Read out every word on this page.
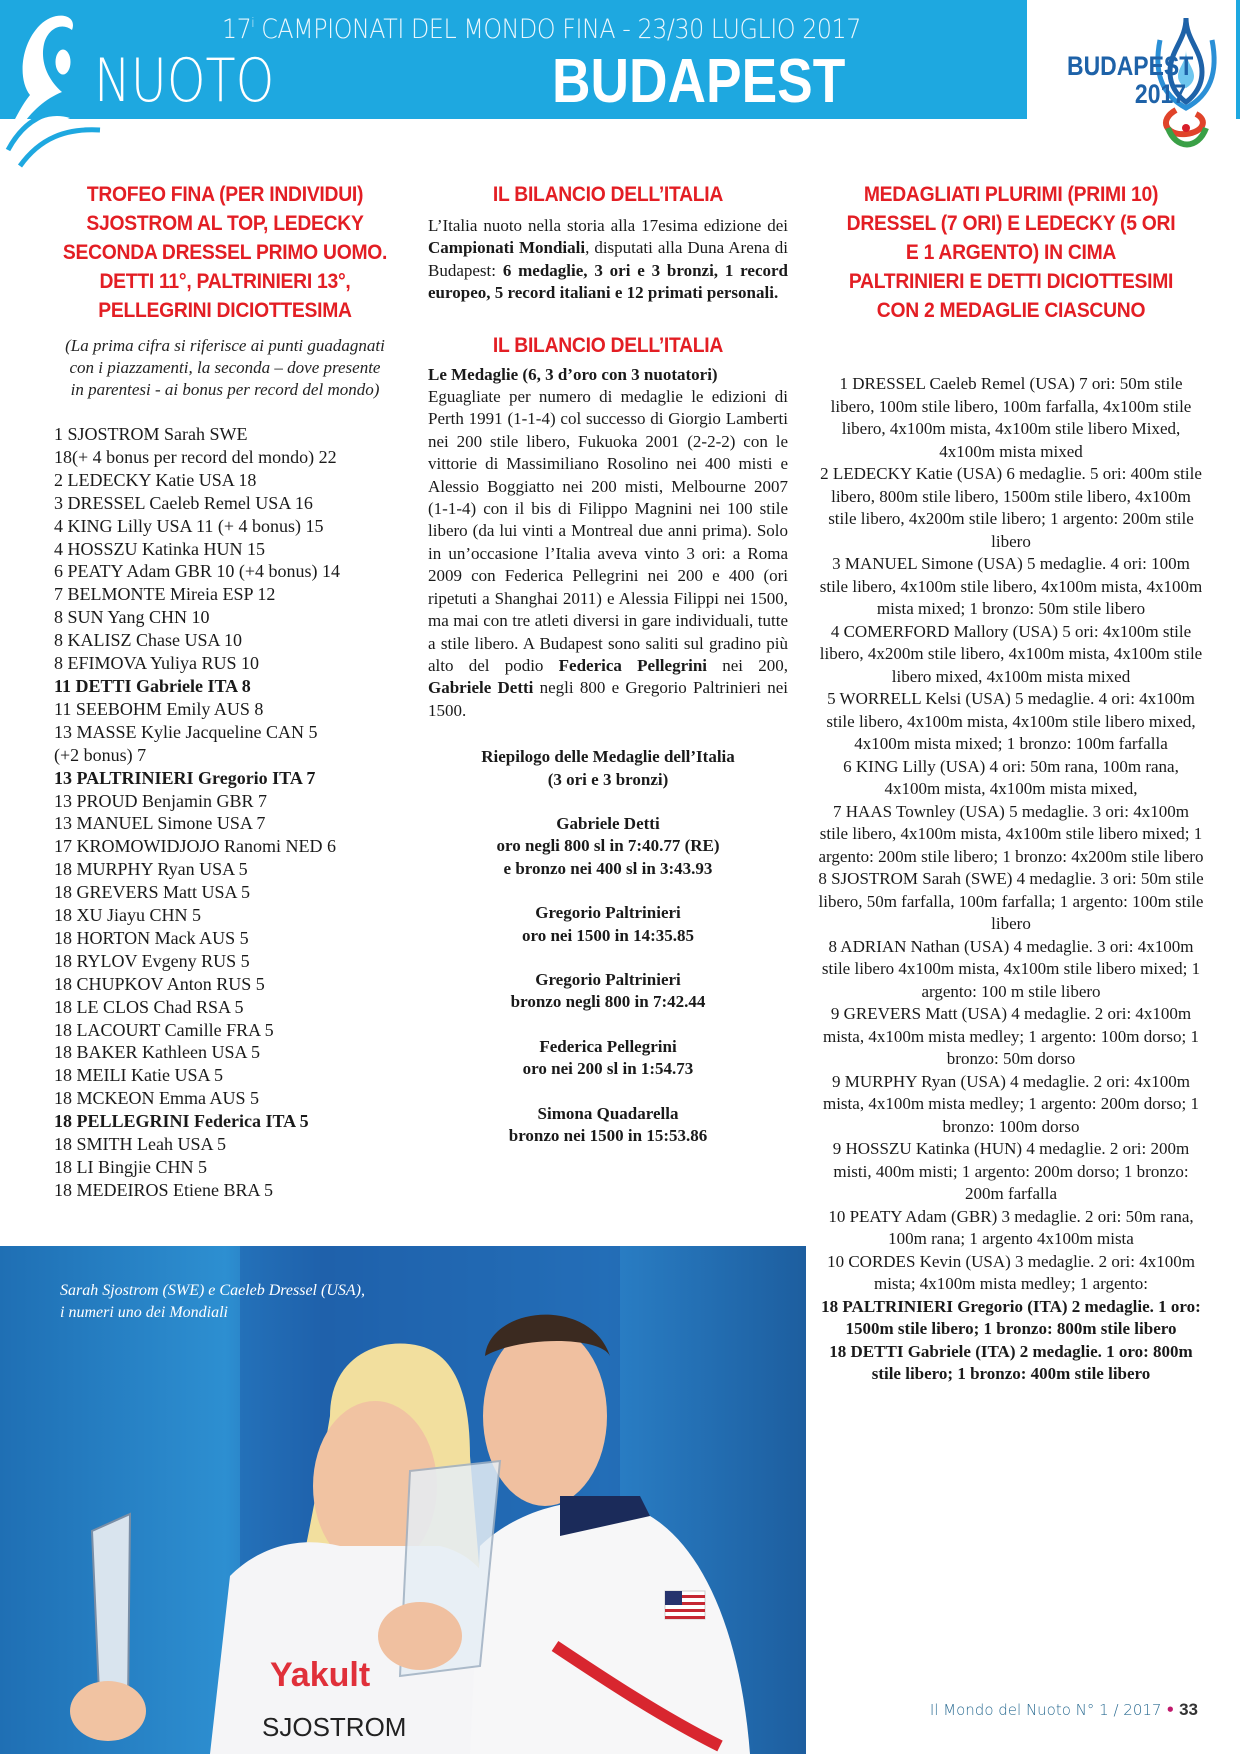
17$^i$ CAMPIONATI DEL MONDO FINA - 23/30 LUGLIO 2017
NUOTO	BUDAPEST	BUDAPEST
2017
TROFEO FINA (PER INDIVIDUI)
SJOSTROM AL TOP, LEDECKY
SECONDA DRESSEL PRIMO UOMO.
DETTI 11°, PALTRINIERI 13°,
PELLEGRINI DICIOTTESIMA
(La prima cifra si riferisce ai punti guadagnati
con i piazzamenti, la seconda – dove presente
in parentesi - ai bonus per record del mondo)
1 SJOSTROM Sarah SWE
18(+ 4 bonus per record del mondo) 22
2 LEDECKY Katie USA 18
3 DRESSEL Caeleb Remel USA 16
4 KING Lilly USA 11 (+ 4 bonus) 15
4 HOSSZU Katinka HUN 15
6 PEATY Adam GBR 10 (+4 bonus) 14
7 BELMONTE Mireia ESP 12
8 SUN Yang CHN 10
8 KALISZ Chase USA 10
8 EFIMOVA Yuliya RUS 10
11 DETTI Gabriele ITA 8
11 SEEBOHM Emily AUS 8
13 MASSE Kylie Jacqueline CAN 5
(+2 bonus) 7
13 PALTRINIERI Gregorio ITA 7
13 PROUD Benjamin GBR 7
13 MANUEL Simone USA 7
17 KROMOWIDJOJO Ranomi NED 6
18 MURPHY Ryan USA 5
18 GREVERS Matt USA 5
18 XU Jiayu CHN 5
18 HORTON Mack AUS 5
18 RYLOV Evgeny RUS 5
18 CHUPKOV Anton RUS 5
18 LE CLOS Chad RSA 5
18 LACOURT Camille FRA 5
18 BAKER Kathleen USA 5
18 MEILI Katie USA 5
18 MCKEON Emma AUS 5
18 PELLEGRINI Federica ITA 5
18 SMITH Leah USA 5
18 LI Bingjie CHN 5
18 MEDEIROS Etiene BRA 5
IL BILANCIO DELL’ITALIA

L’Italia nuoto nella storia alla 17esima edizione dei Campionati Mondiali, disputati alla Duna Arena di Budapest: 6 medaglie, 3 ori e 3 bronzi, 1 record europeo, 5 record italiani e 12 primati personali.

IL BILANCIO DELL’ITALIA

Le Medaglie (6, 3 d’oro con 3 nuotatori)
Eguagliate per numero di medaglie le edizioni di Perth 1991 (1-1-4) col successo di Giorgio Lamberti nei 200 stile libero, Fukuoka 2001 (2-2-2) con le vittorie di Massimiliano Rosolino nei 400 misti e Alessio Boggiatto nei 200 misti, Melbourne 2007 (1-1-4) con il bis di Filippo Magnini nei 100 stile libero (da lui vinti a Montreal due anni prima). Solo in un’occasione l’Italia aveva vinto 3 ori: a Roma 2009 con Federica Pellegrini nei 200 e 400 (ori ripetuti a Shanghai 2011) e Alessia Filippi nei 1500, ma mai con tre atleti diversi in gare individuali, tutte a stile libero. A Budapest sono saliti sul gradino più alto del podio Federica Pellegrini nei 200, Gabriele Detti negli 800 e Gregorio Paltrinieri nei 1500.

Riepilogo delle Medaglie dell’Italia
(3 ori e 3 bronzi)
Gabriele Detti
oro negli 800 sl in 7:40.77 (RE)
e bronzo nei 400 sl in 3:43.93
Gregorio Paltrinieri
oro nei 1500 in 14:35.85
Gregorio Paltrinieri
bronzo negli 800 in 7:42.44
Federica Pellegrini
oro nei 200 sl in 1:54.73
Simona Quadarella
bronzo nei 1500 in 15:53.86
MEDAGLIATI PLURIMI (PRIMI 10)
DRESSEL (7 ORI) E LEDECKY (5 ORI
E 1 ARGENTO) IN CIMA
PALTRINIERI E DETTI DICIOTTESIMI
CON 2 MEDAGLIE CIASCUNO
1 DRESSEL Caeleb Remel (USA) 7 ori: 50m stile libero, 100m stile libero, 100m farfalla, 4x100m stile libero, 4x100m mista, 4x100m stile libero Mixed, 4x100m mista mixed
2 LEDECKY Katie (USA) 6 medaglie. 5 ori: 400m stile libero, 800m stile libero, 1500m stile libero, 4x100m stile libero, 4x200m stile libero; 1 argento: 200m stile libero
3 MANUEL Simone (USA) 5 medaglie. 4 ori: 100m stile libero, 4x100m stile libero, 4x100m mista, 4x100m mista mixed; 1 bronzo: 50m stile libero
4 COMERFORD Mallory (USA) 5 ori: 4x100m stile libero, 4x200m stile libero, 4x100m mista, 4x100m stile libero mixed, 4x100m mista mixed
5 WORRELL Kelsi (USA) 5 medaglie. 4 ori: 4x100m stile libero, 4x100m mista, 4x100m stile libero mixed, 4x100m mista mixed; 1 bronzo: 100m farfalla
6 KING Lilly (USA) 4 ori: 50m rana, 100m rana, 4x100m mista, 4x100m mista mixed,
7 HAAS Townley (USA) 5 medaglie. 3 ori: 4x100m stile libero, 4x100m mista, 4x100m stile libero mixed; 1 argento: 200m stile libero; 1 bronzo: 4x200m stile libero
8 SJOSTROM Sarah (SWE) 4 medaglie. 3 ori: 50m stile libero, 50m farfalla, 100m farfalla; 1 argento: 100m stile libero
8 ADRIAN Nathan (USA) 4 medaglie. 3 ori: 4x100m stile libero 4x100m mista, 4x100m stile libero mixed; 1 argento: 100 m stile libero
9 GREVERS Matt (USA) 4 medaglie. 2 ori: 4x100m mista, 4x100m mista medley; 1 argento: 100m dorso; 1 bronzo: 50m dorso
9 MURPHY Ryan (USA) 4 medaglie. 2 ori: 4x100m mista, 4x100m mista medley; 1 argento: 200m dorso; 1 bronzo: 100m dorso
9 HOSSZU Katinka (HUN) 4 medaglie. 2 ori: 200m misti, 400m misti; 1 argento: 200m dorso; 1 bronzo: 200m farfalla
10 PEATY Adam (GBR) 3 medaglie. 2 ori: 50m rana, 100m rana; 1 argento 4x100m mista
10 CORDES Kevin (USA) 3 medaglie. 2 ori: 4x100m mista; 4x100m mista medley; 1 argento:
18 PALTRINIERI Gregorio (ITA) 2 medaglie. 1 oro: 1500m stile libero; 1 bronzo: 800m stile libero
18 DETTI Gabriele (ITA) 2 medaglie. 1 oro: 800m stile libero; 1 bronzo: 400m stile libero
Yakult
SJOSTROM
Sarah Sjostrom (SWE) e Caeleb Dressel (USA),
i numeri uno dei Mondiali
Il Mondo del Nuoto N° 1 / 2017 • 33
